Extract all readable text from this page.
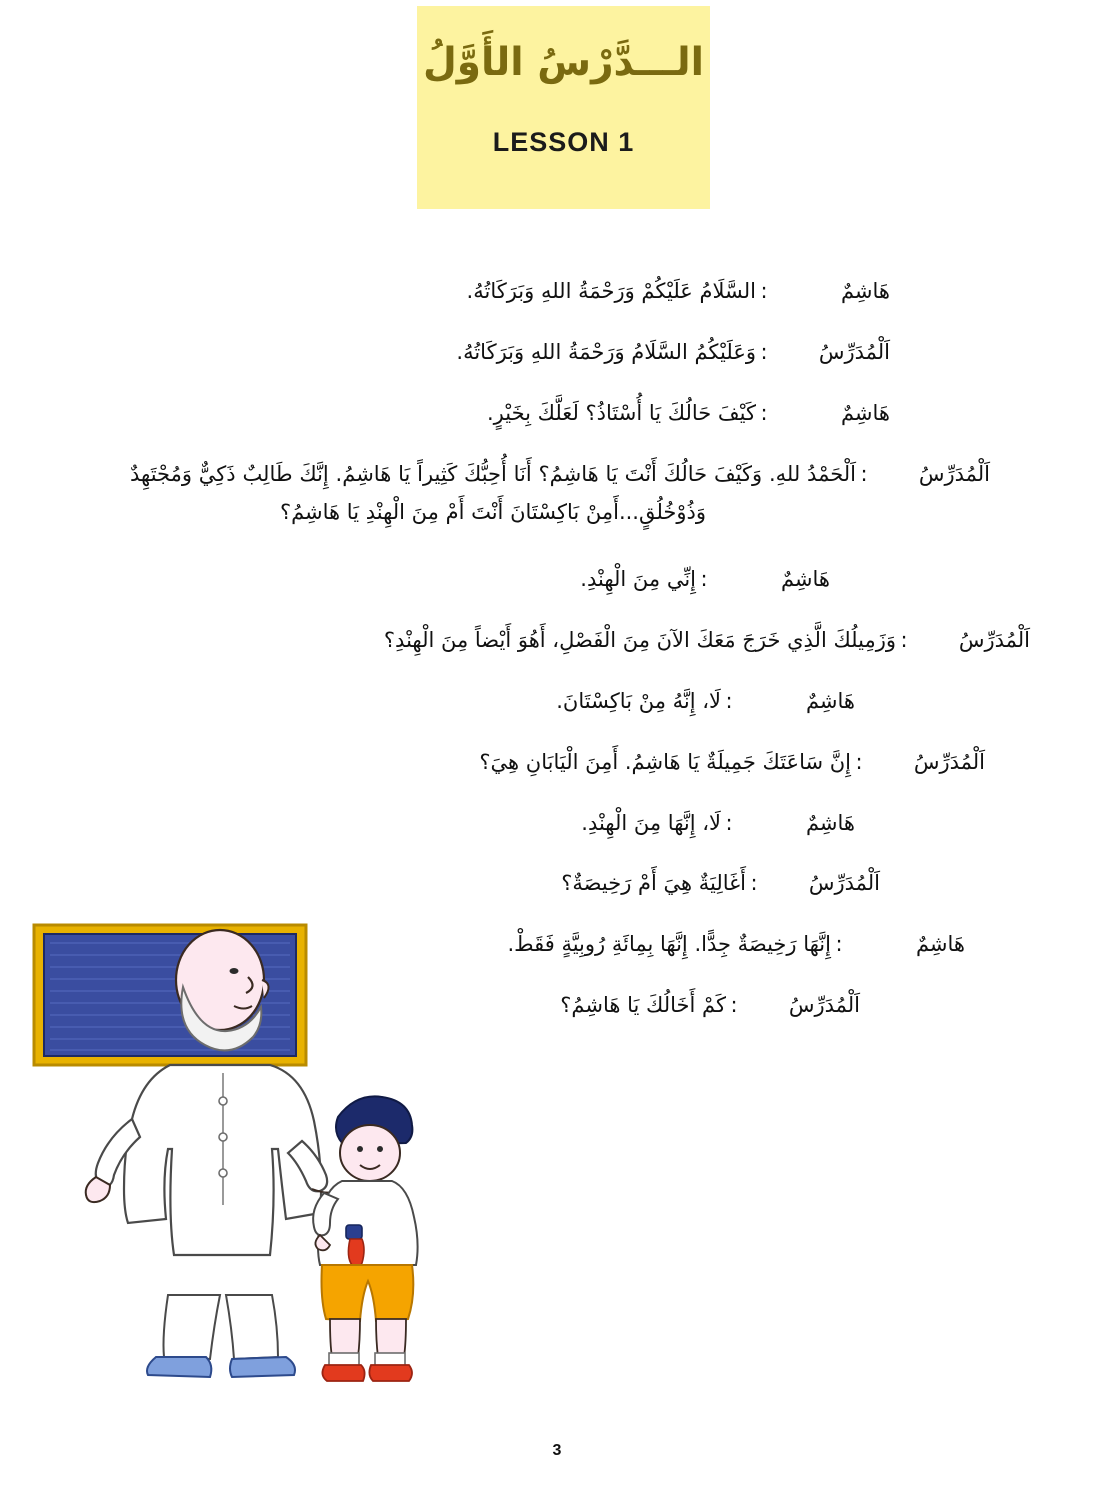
الـــدَّرْسُ الأَوَّلُ
LESSON 1
هَاشِمٌ
:
السَّلَامُ عَلَيْكُمْ وَرَحْمَةُ اللهِ وَبَرَكَاتُهُ.
اَلْمُدَرِّسُ
:
وَعَلَيْكُمُ السَّلَامُ وَرَحْمَةُ اللهِ وَبَرَكَاتُهُ.
هَاشِمٌ
:
كَيْفَ حَالُكَ يَا أُسْتَاذُ؟ لَعَلَّكَ بِخَيْرٍ.
اَلْمُدَرِّسُ
:
اَلْحَمْدُ للهِ. وَكَيْفَ حَالُكَ أَنْتَ يَا هَاشِمُ؟ أَنَا أُحِبُّكَ كَثِيراً يَا هَاشِمُ. إِنَّكَ طَالِبٌ ذَكِيٌّ وَمُجْتَهِدٌ وَذُوْخُلُقٍ...أَمِنْ بَاكِسْتَانَ أَنْتَ أَمْ مِنَ الْهِنْدِ يَا هَاشِمُ؟
هَاشِمٌ
:
إِنِّي مِنَ الْهِنْدِ.
اَلْمُدَرِّسُ
:
وَزَمِيلُكَ الَّذِي خَرَجَ مَعَكَ الآنَ مِنَ الْفَصْلِ، أَهُوَ أَيْضاً مِنَ الْهِنْدِ؟
هَاشِمٌ
:
لَا، إِنَّهُ مِنْ بَاكِسْتَانَ.
اَلْمُدَرِّسُ
:
إِنَّ سَاعَتَكَ جَمِيلَةٌ يَا هَاشِمُ. أَمِنَ الْيَابَانِ هِيَ؟
هَاشِمٌ
:
لَا، إِنَّهَا مِنَ الْهِنْدِ.
اَلْمُدَرِّسُ
:
أَغَالِيَةٌ هِيَ أَمْ رَخِيصَةٌ؟
هَاشِمٌ
:
إِنَّهَا رَخِيصَةٌ جِدًّا. إِنَّهَا بِمِائَةِ رُوبِيَّةٍ فَقَطْ.
اَلْمُدَرِّسُ
:
كَمْ أَخَالُكَ يَا هَاشِمُ؟
3
